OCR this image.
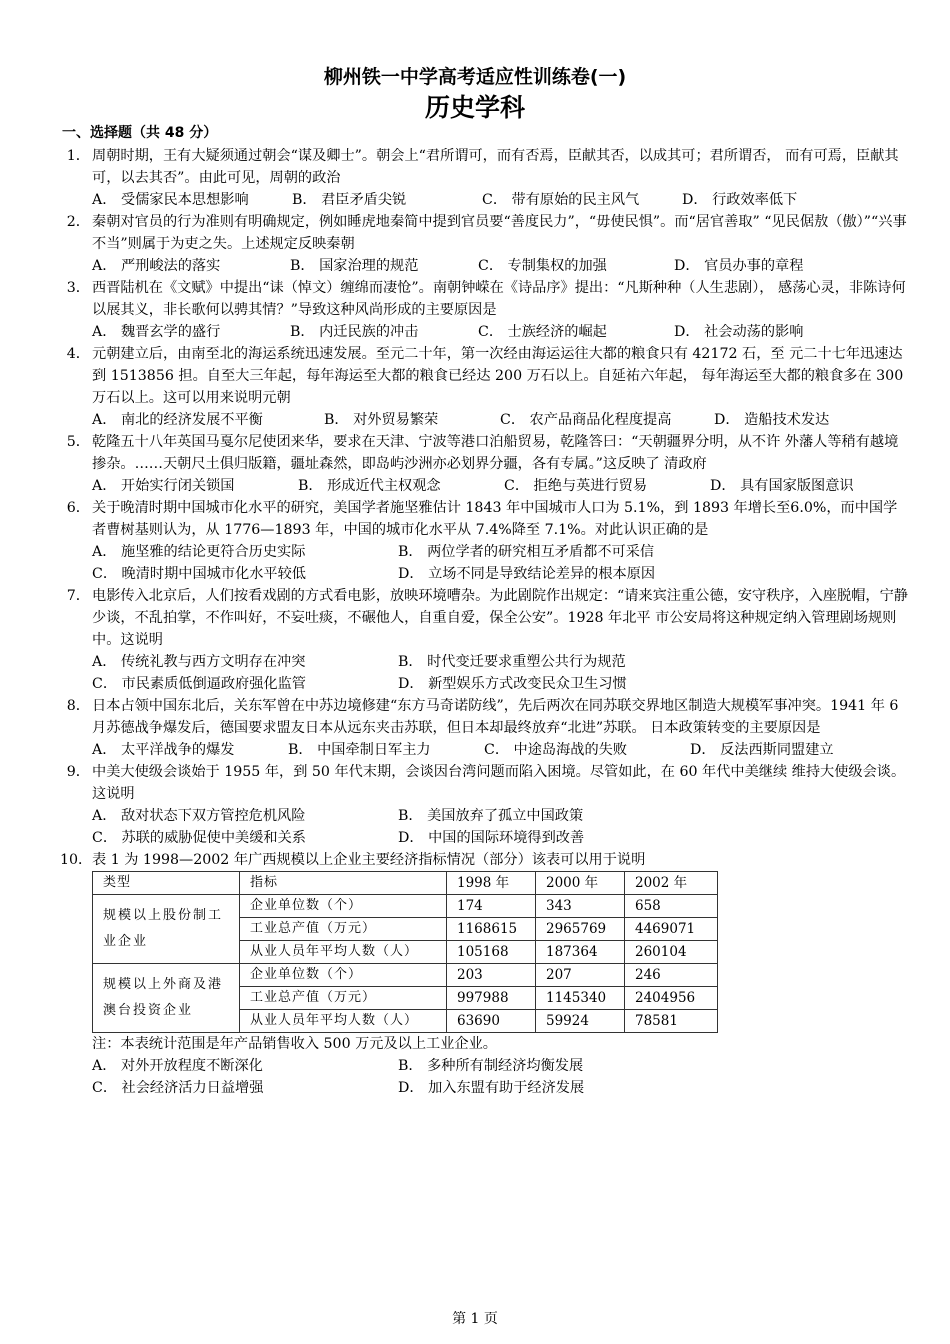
柳州铁一中学高考适应性训练卷(一)
历史学科
一、选择题（共 48 分）
1． 周朝时期，王有大疑须通过朝会“谋及卿士”。朝会上“君所谓可，而有否焉，臣献其否，以成其可；君所谓否， 而有可焉，臣献其可，以去其否”。由此可见，周朝的政治
A． 受儒家民本思想影响	B． 君臣矛盾尖锐	C． 带有原始的民主风气	D． 行政效率低下
2． 秦朝对官员的行为准则有明确规定，例如睡虎地秦简中提到官员要“善度民力”，“毋使民惧”。而“居官善取” “见民倨敖（傲）”“兴事不当”则属于为吏之失。上述规定反映秦朝
A． 严刑峻法的落实	B． 国家治理的规范	C． 专制集权的加强	D． 官员办事的章程
3． 西晋陆机在《文赋》中提出“诔（悼文）缠绵而凄怆”。南朝钟嵘在《诗品序》提出：“凡斯种种（人生悲剧）， 感荡心灵，非陈诗何以展其义，非长歌何以骋其情？”导致这种风尚形成的主要原因是
A． 魏晋玄学的盛行	B． 内迁民族的冲击	C． 士族经济的崛起	D． 社会动荡的影响
4． 元朝建立后，由南至北的海运系统迅速发展。至元二十年，第一次经由海运运往大都的粮食只有 42172 石，至 元二十七年迅速达到 1513856 担。自至大三年起，每年海运至大都的粮食已经达 200 万石以上。自延祐六年起， 每年海运至大都的粮食多在 300 万石以上。这可以用来说明元朝
A． 南北的经济发展不平衡	B． 对外贸易繁荣	C． 农产品商品化程度提高	D． 造船技术发达
5． 乾隆五十八年英国马戛尔尼使团来华，要求在天津、宁波等港口泊船贸易，乾隆答曰：“天朝疆界分明，从不许 外藩人等稍有越境掺杂。……天朝尺土俱归版籍，疆址森然，即岛屿沙洲亦必划界分疆，各有专属。”这反映了 清政府
A． 开始实行闭关锁国	B． 形成近代主权观念	C． 拒绝与英进行贸易	D． 具有国家版图意识
6． 关于晚清时期中国城市化水平的研究，美国学者施坚雅估计 1843 年中国城市人口为 5.1%，到 1893 年增长至6.0%，而中国学者曹树基则认为，从 1776—1893 年，中国的城市化水平从 7.4%降至 7.1%。对此认识正确的是
A． 施坚雅的结论更符合历史实际	B． 两位学者的研究相互矛盾都不可采信
C． 晚清时期中国城市化水平较低	D． 立场不同是导致结论差异的根本原因
7． 电影传入北京后，人们按看戏剧的方式看电影，放映环境嘈杂。为此剧院作出规定：“请来宾注重公德，安守秩序，入座脱帽，宁静少谈，不乱拍掌，不作叫好，不妄吐痰，不碾他人，自重自爱，保全公安”。1928 年北平 市公安局将这种规定纳入管理剧场规则中。这说明
A． 传统礼教与西方文明存在冲突	B． 时代变迁要求重塑公共行为规范
C． 市民素质低倒逼政府强化监管	D． 新型娱乐方式改变民众卫生习惯
8． 日本占领中国东北后，关东军曾在中苏边境修建“东方马奇诺防线”，先后两次在同苏联交界地区制造大规模军事冲突。1941 年 6 月苏德战争爆发后，德国要求盟友日本从远东夹击苏联，但日本却最终放弃“北进”苏联。 日本政策转变的主要原因是
A． 太平洋战争的爆发	B． 中国牵制日军主力	C． 中途岛海战的失败	D． 反法西斯同盟建立
9． 中美大使级会谈始于 1955 年，到 50 年代末期，会谈因台湾问题而陷入困境。尽管如此，在 60 年代中美继续 维持大使级会谈。这说明
A． 敌对状态下双方管控危机风险	B． 美国放弃了孤立中国政策
C． 苏联的威胁促使中美缓和关系	D． 中国的国际环境得到改善
10． 表 1 为 1998—2002 年广西规模以上企业主要经济指标情况（部分）该表可以用于说明
类型	指标	1998 年	2000 年	2002 年
规模以上股份制工业企业	企业单位数（个）	174	343	658
	工业总产值（万元）	1168615	2965769	4469071
	从业人员年平均人数（人）	105168	187364	260104
规模以上外商及港澳台投资企业	企业单位数（个）	203	207	246
	工业总产值（万元）	997988	1145340	2404956
	从业人员年平均人数（人）	63690	59924	78581
注：本表统计范围是年产品销售收入 500 万元及以上工业企业。
A． 对外开放程度不断深化	B． 多种所有制经济均衡发展
C． 社会经济活力日益增强	D． 加入东盟有助于经济发展
第 1 页
